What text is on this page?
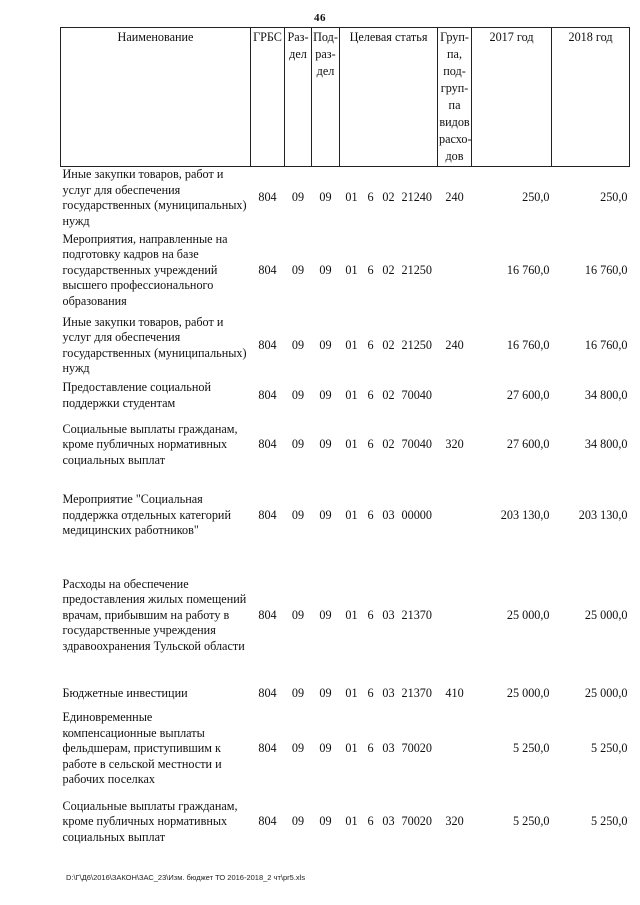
46
Наименование	ГРБС	Раз-дел	Под-раз-дел	Целевая статья				Груп-па, под-груп-па видов расхо-дов	2017 год	2018 год
Иные закупки товаров, работ и услуг для обеспечения государственных (муниципальных) нужд	804	09	09	01	6	02	21240	240	250,0	250,0
Мероприятия, направленные на подготовку кадров на базе государственных учреждений высшего профессионального образования	804	09	09	01	6	02	21250		16 760,0	16 760,0
Иные закупки товаров, работ и услуг для обеспечения государственных (муниципальных) нужд	804	09	09	01	6	02	21250	240	16 760,0	16 760,0
Предоставление социальной поддержки студентам	804	09	09	01	6	02	70040		27 600,0	34 800,0
Социальные выплаты гражданам, кроме публичных нормативных социальных выплат	804	09	09	01	6	02	70040	320	27 600,0	34 800,0
Мероприятие "Социальная поддержка отдельных категорий медицинских работников"	804	09	09	01	6	03	00000		203 130,0	203 130,0
Расходы на обеспечение предоставления жилых помещений врачам, прибывшим на работу в государственные учреждения здравоохранения Тульской области	804	09	09	01	6	03	21370		25 000,0	25 000,0
Бюджетные инвестиции	804	09	09	01	6	03	21370	410	25 000,0	25 000,0
Единовременные компенсационные выплаты фельдшерам, приступившим к работе в сельской местности и рабочих поселках	804	09	09	01	6	03	70020		5 250,0	5 250,0
Социальные выплаты гражданам, кроме публичных нормативных социальных выплат	804	09	09	01	6	03	70020	320	5 250,0	5 250,0
D:\Г\Д6\2016\ЗАКОН\ЗАС_23\Изм. бюджет ТО 2016-2018_2 чт\pr5.xls
